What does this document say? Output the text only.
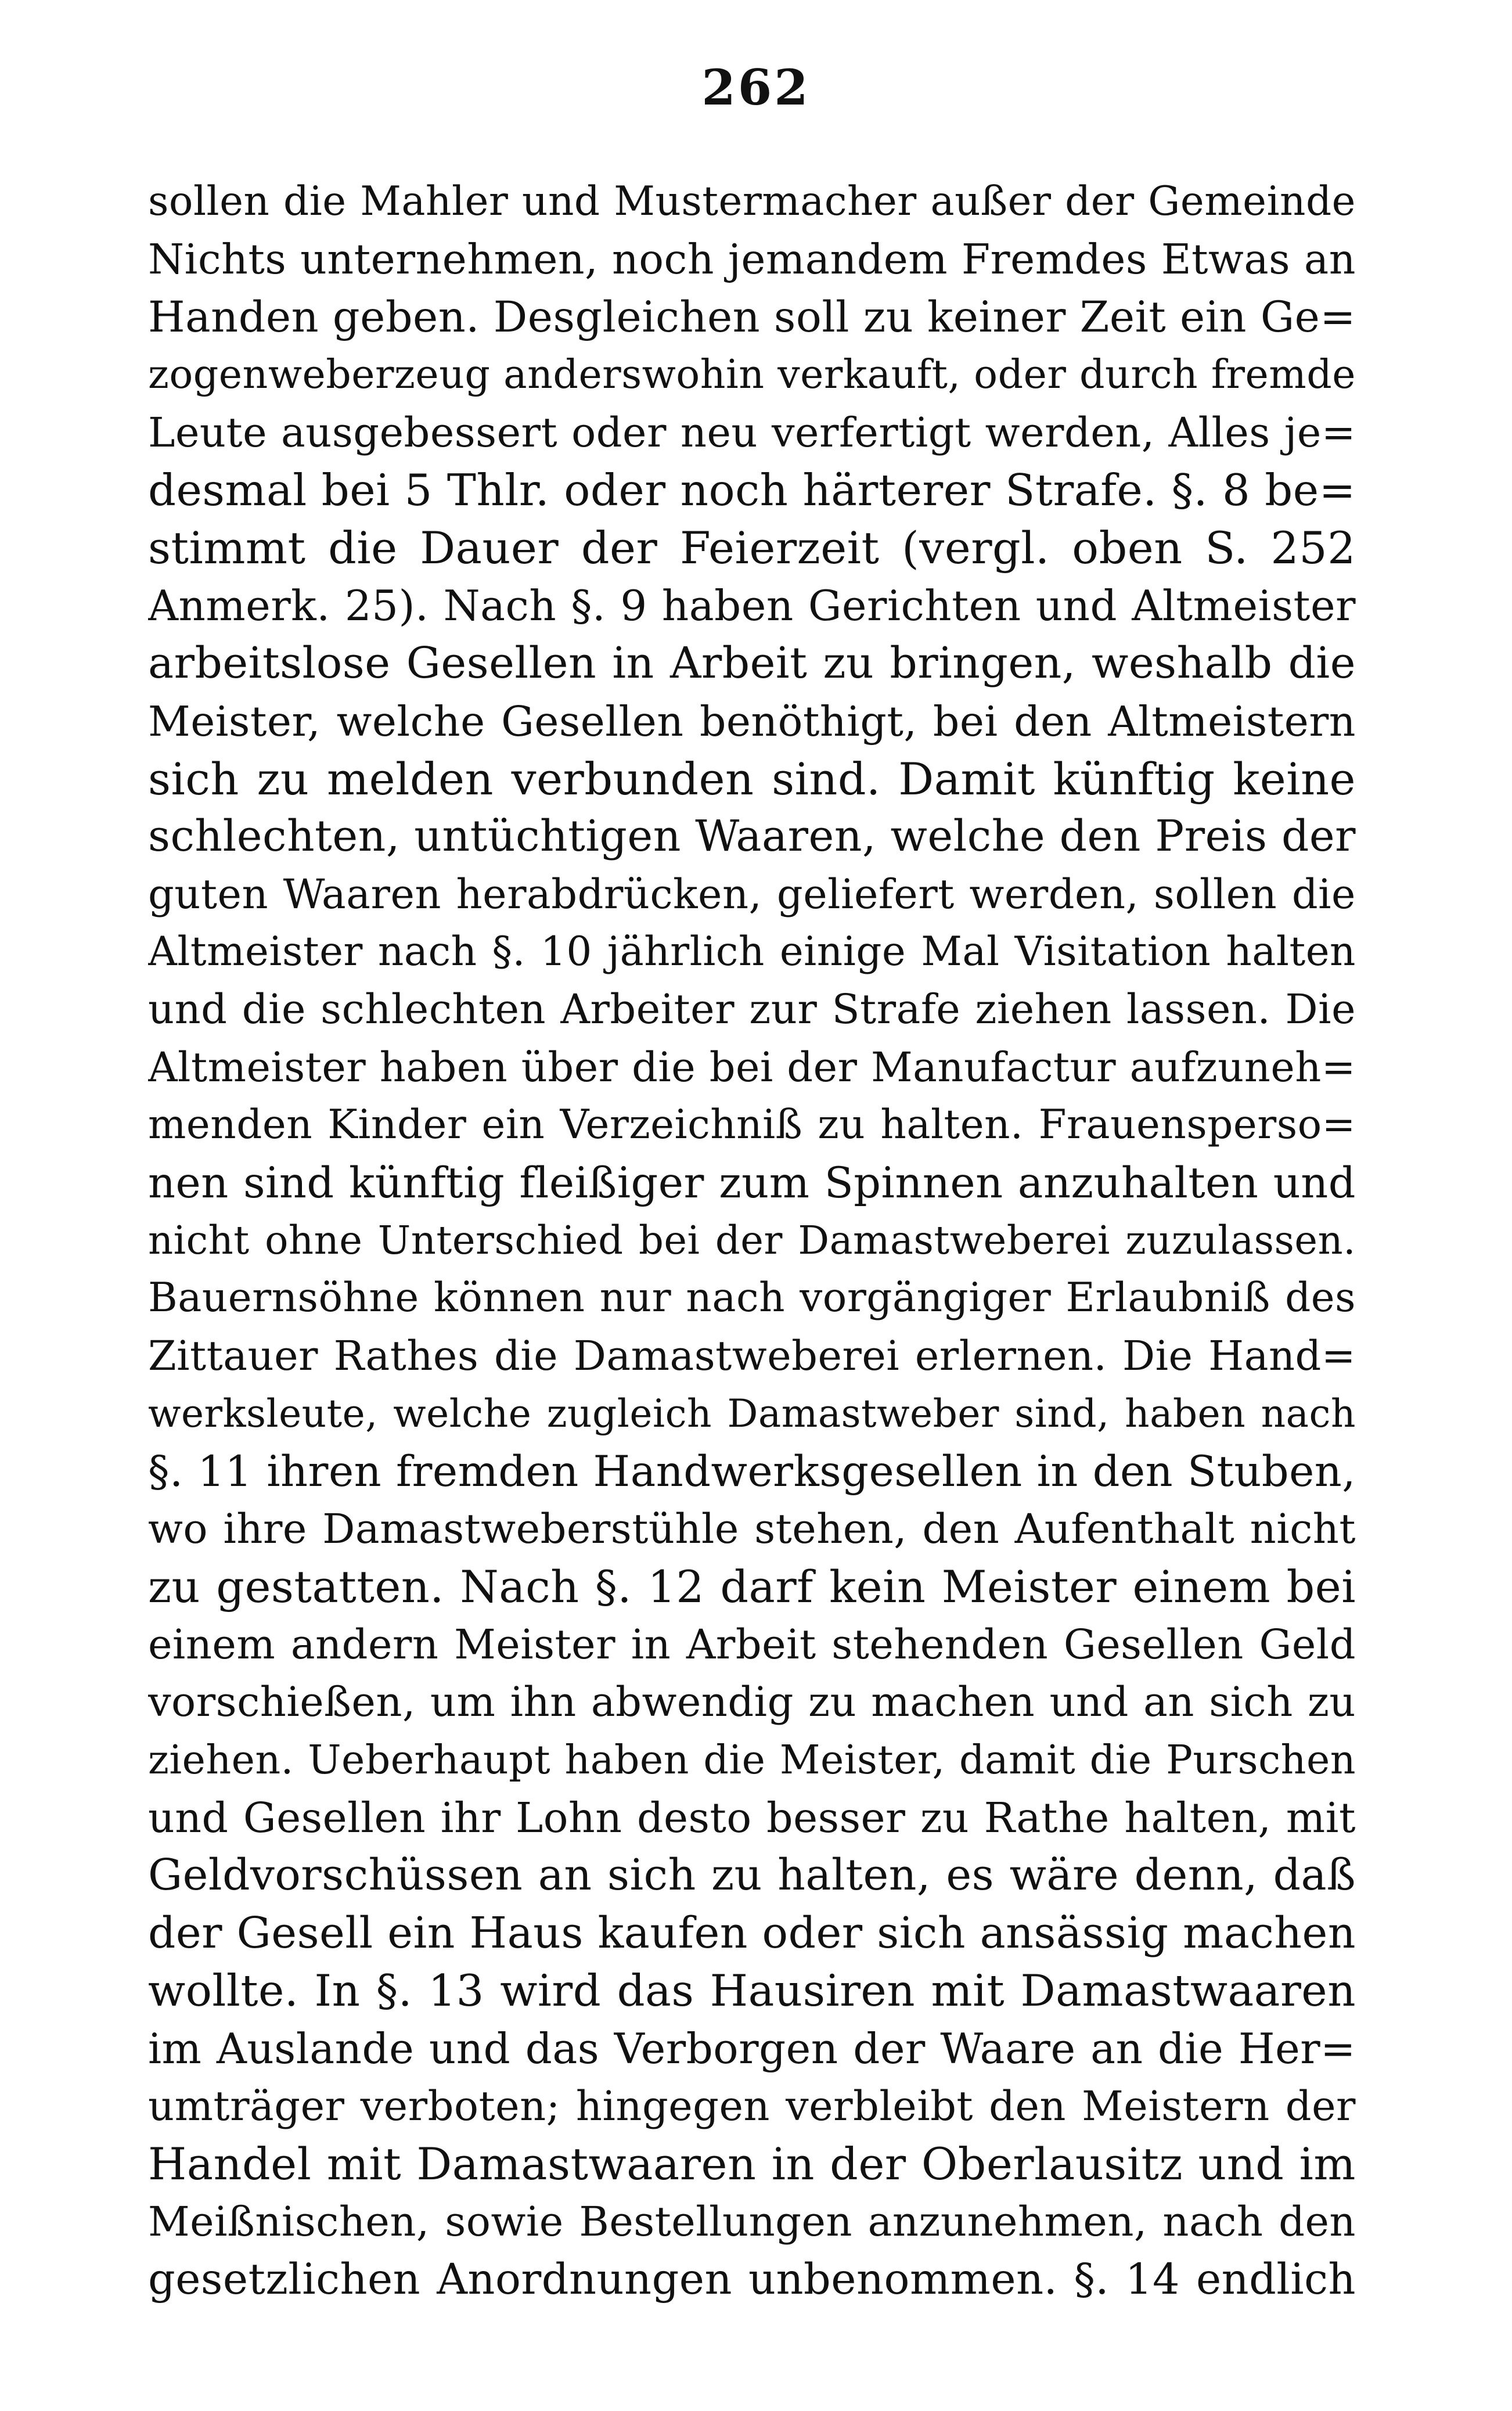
262
sollen die Mahler und Mustermacher außer der Gemeinde
Nichts unternehmen, noch jemandem Fremdes Etwas an
Handen geben. Desgleichen soll zu keiner Zeit ein Ge=
zogenweberzeug anderswohin verkauft, oder durch fremde
Leute ausgebessert oder neu verfertigt werden, Alles je=
desmal bei 5 Thlr. oder noch härterer Strafe. §. 8 be=
stimmt die Dauer der Feierzeit (vergl. oben S. 252
Anmerk. 25). Nach §. 9 haben Gerichten und Altmeister
arbeitslose Gesellen in Arbeit zu bringen, weshalb die
Meister, welche Gesellen benöthigt, bei den Altmeistern
sich zu melden verbunden sind. Damit künftig keine
schlechten, untüchtigen Waaren, welche den Preis der
guten Waaren herabdrücken, geliefert werden, sollen die
Altmeister nach §. 10 jährlich einige Mal Visitation halten
und die schlechten Arbeiter zur Strafe ziehen lassen. Die
Altmeister haben über die bei der Manufactur aufzuneh=
menden Kinder ein Verzeichniß zu halten. Frauensperso=
nen sind künftig fleißiger zum Spinnen anzuhalten und
nicht ohne Unterschied bei der Damastweberei zuzulassen.
Bauernsöhne können nur nach vorgängiger Erlaubniß des
Zittauer Rathes die Damastweberei erlernen. Die Hand=
werksleute, welche zugleich Damastweber sind, haben nach
§. 11 ihren fremden Handwerksgesellen in den Stuben,
wo ihre Damastweberstühle stehen, den Aufenthalt nicht
zu gestatten. Nach §. 12 darf kein Meister einem bei
einem andern Meister in Arbeit stehenden Gesellen Geld
vorschießen, um ihn abwendig zu machen und an sich zu
ziehen. Ueberhaupt haben die Meister, damit die Purschen
und Gesellen ihr Lohn desto besser zu Rathe halten, mit
Geldvorschüssen an sich zu halten, es wäre denn, daß
der Gesell ein Haus kaufen oder sich ansässig machen
wollte. In §. 13 wird das Hausiren mit Damastwaaren
im Auslande und das Verborgen der Waare an die Her=
umträger verboten; hingegen verbleibt den Meistern der
Handel mit Damastwaaren in der Oberlausitz und im
Meißnischen, sowie Bestellungen anzunehmen, nach den
gesetzlichen Anordnungen unbenommen. §. 14 endlich
